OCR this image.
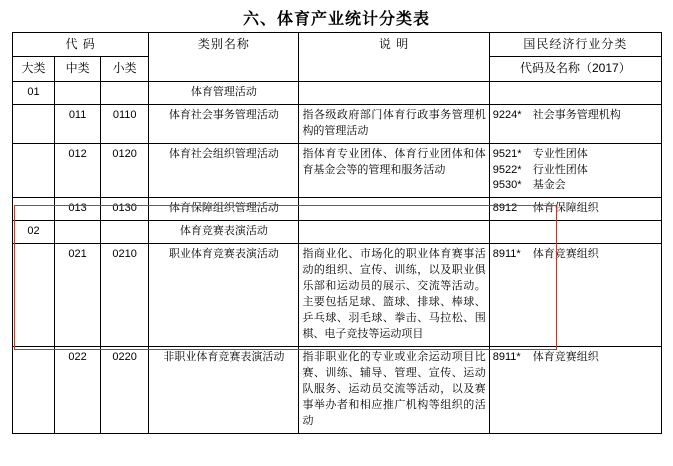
六、体育产业统计分类表
代 码			类别名称	说 明	国民经济行业分类
大类	中类	小类			代码及名称（2017）
01			体育管理活动		

	011	0110	体育社会事务管理活动	指各级政府部门体育行政事务管理机构的管理活动	9224* 社会事务管理机构

	012	0120	体育社会组织管理活动	指体育专业团体、体育行业团体和体育基金会等的管理和服务活动	9521* 专业性团体
9522* 行业性团体
9530* 基金会

	013	0130	体育保障组织管理活动		8912 体育保障组织

02			体育竞赛表演活动		
	021	0210	职业体育竞赛表演活动	指商业化、市场化的职业体育赛事活动的组织、宣传、训练，以及职业俱乐部和运动员的展示、交流等活动。主要包括足球、篮球、排球、棒球、乒乓球、羽毛球、拳击、马拉松、围棋、电子竞技等运动项目	8911* 体育竞赛组织

	022	0220	非职业体育竞赛表演活动	指非职业化的专业或业余运动项目比赛、训练、辅导、管理、宣传、运动队服务、运动员交流等活动，以及赛事举办者和相应推广机构等组织的活动	8911* 体育竞赛组织
